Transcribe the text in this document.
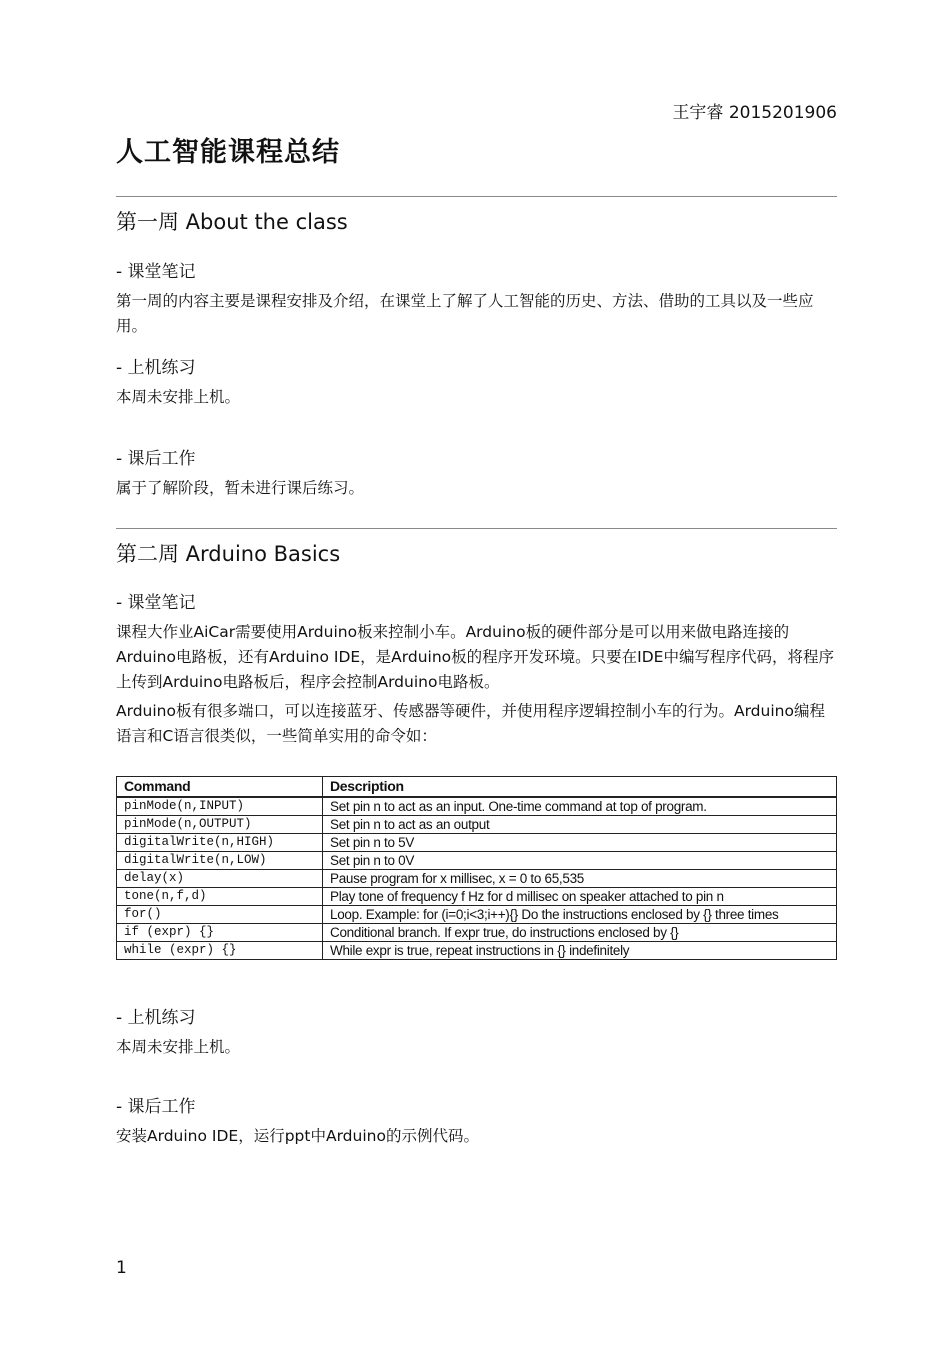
王宇睿 2015201906
人工智能课程总结
第一周 About the class
- 课堂笔记
第一周的内容主要是课程安排及介绍，在课堂上了解了人工智能的历史、方法、借助的工具以及一些应用。
- 上机练习
本周未安排上机。
- 课后工作
属于了解阶段，暂未进行课后练习。
第二周 Arduino Basics
- 课堂笔记
课程大作业AiCar需要使用Arduino板来控制小车。Arduino板的硬件部分是可以用来做电路连接的Arduino电路板，还有Arduino IDE，是Arduino板的程序开发环境。只要在IDE中编写程序代码，将程序上传到Arduino电路板后，程序会控制Arduino电路板。
Arduino板有很多端口，可以连接蓝牙、传感器等硬件，并使用程序逻辑控制小车的行为。Arduino编程语言和C语言很类似，一些简单实用的命令如：
Command	Description
pinMode(n,INPUT)	Set pin n to act as an input. One-time command at top of program.
pinMode(n,OUTPUT)	Set pin n to act as an output
digitalWrite(n,HIGH)	Set pin n to 5V
digitalWrite(n,LOW)	Set pin n to 0V
delay(x)	Pause program for x millisec, x = 0 to 65,535
tone(n,f,d)	Play tone of frequency f Hz for d millisec on speaker attached to pin n
for()	Loop. Example: for (i=0;i<3;i++){} Do the instructions enclosed by {} three times
if (expr) {}	Conditional branch. If expr true, do instructions enclosed by {}
while (expr) {}	While expr is true, repeat instructions in {} indefinitely
- 上机练习
本周未安排上机。
- 课后工作
安装Arduino IDE，运行ppt中Arduino的示例代码。
1
